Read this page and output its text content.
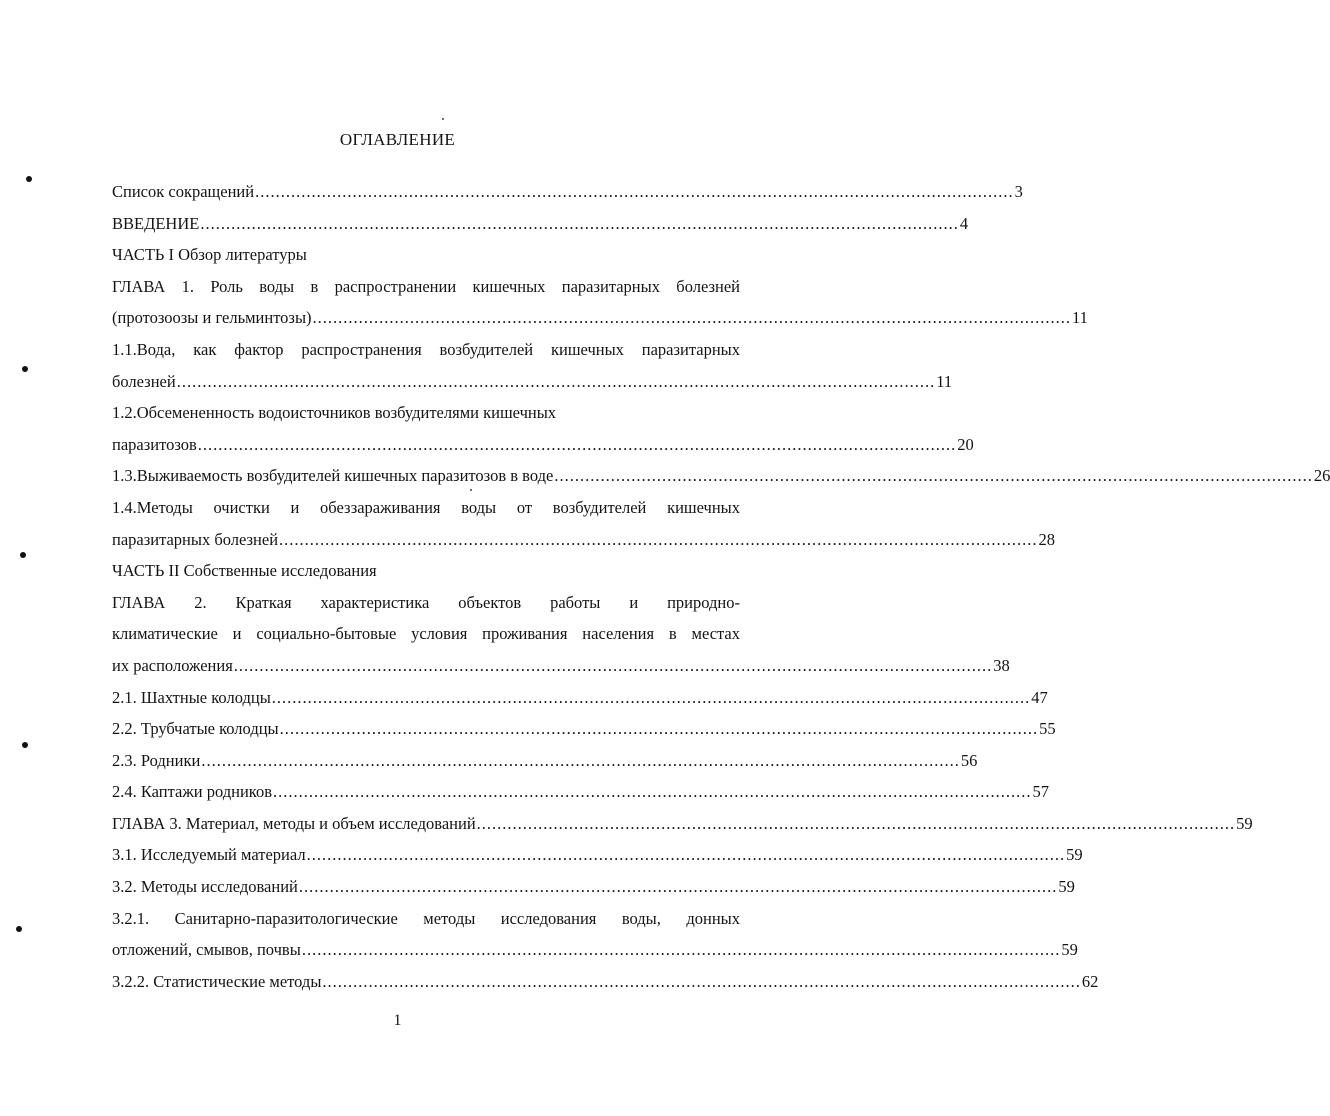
ОГЛАВЛЕНИЕ
Список сокращений .................................................................................................................................................... 3
ВВЕДЕНИЕ .................................................................................................................................................... 4
ЧАСТЬ I Обзор литературы
ГЛАВА 1. Роль воды в распространении кишечных паразитарных болезней
(протозоозы и гельминтозы) .................................................................................................................................................... 11
1.1.Вода, как фактор распространения возбудителей кишечных паразитарных
болезней .................................................................................................................................................... 11
1.2.Обсемененность водоисточников возбудителями кишечных
паразитозов .................................................................................................................................................... 20
1.3.Выживаемость возбудителей кишечных паразитозов в воде .................................................................................................................................................... 26
1.4.Методы очистки и обеззараживания воды от возбудителей кишечных
паразитарных болезней .................................................................................................................................................... 28
ЧАСТЬ II Собственные исследования
ГЛАВА 2. Краткая характеристика объектов работы и природно-
климатические и социально-бытовые условия проживания населения в местах
их расположения .................................................................................................................................................... 38
2.1. Шахтные колодцы .................................................................................................................................................... 47
2.2. Трубчатые колодцы .................................................................................................................................................... 55
2.3. Родники .................................................................................................................................................... 56
2.4. Каптажи родников .................................................................................................................................................... 57
ГЛАВА 3. Материал, методы и объем исследований .................................................................................................................................................... 59
3.1. Исследуемый материал .................................................................................................................................................... 59
3.2. Методы исследований .................................................................................................................................................... 59
3.2.1. Санитарно-паразитологические методы исследования воды, донных
отложений, смывов, почвы .................................................................................................................................................... 59
3.2.2. Статистические методы .................................................................................................................................................... 62
1
